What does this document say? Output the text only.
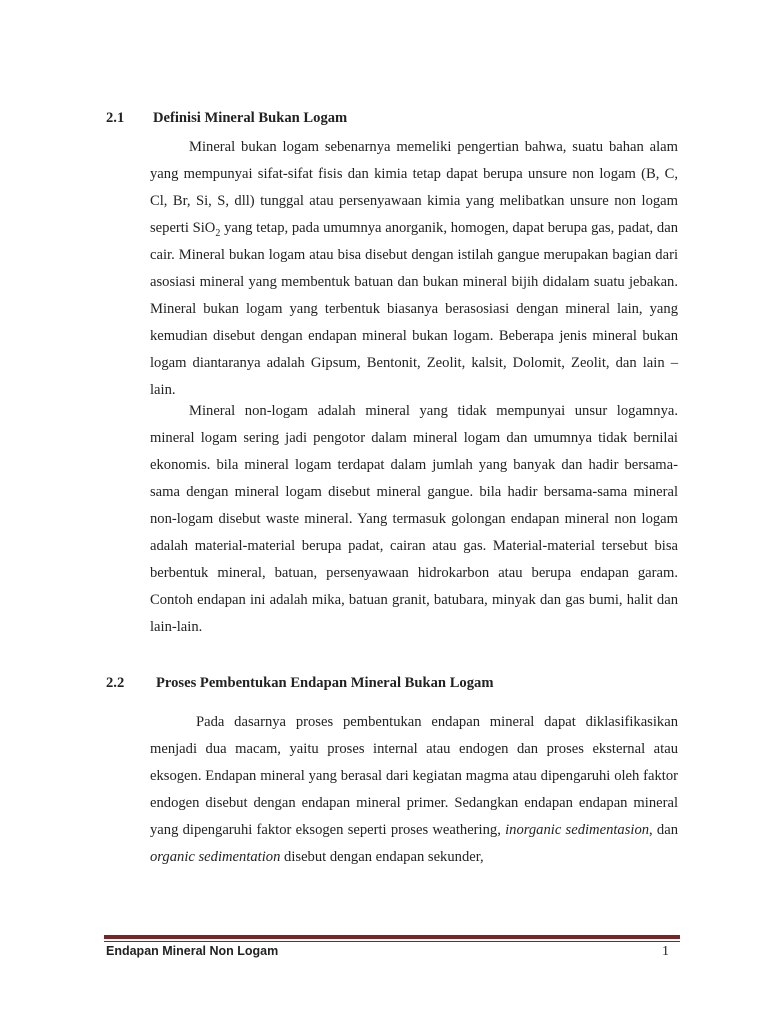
2.1 Definisi Mineral Bukan Logam

Mineral bukan logam sebenarnya memeliki pengertian bahwa, suatu bahan alam yang mempunyai sifat-sifat fisis dan kimia tetap dapat berupa unsure non logam (B, C, Cl, Br, Si, S, dll) tunggal atau persenyawaan kimia yang melibatkan unsure non logam seperti SiO$_2$ yang tetap, pada umumnya anorganik, homogen, dapat berupa gas, padat, dan cair. Mineral bukan logam atau bisa disebut dengan istilah gangue merupakan bagian dari asosiasi mineral yang membentuk batuan dan bukan mineral bijih didalam suatu jebakan. Mineral bukan logam yang terbentuk biasanya berasosiasi dengan mineral lain, yang kemudian disebut dengan endapan mineral bukan logam. Beberapa jenis mineral bukan logam diantaranya adalah Gipsum, Bentonit, Zeolit, kalsit, Dolomit, Zeolit, dan lain – lain.

Mineral non-logam adalah mineral yang tidak mempunyai unsur logamnya. mineral logam sering jadi pengotor dalam mineral logam dan umumnya tidak bernilai ekonomis. bila mineral logam terdapat dalam jumlah yang banyak dan hadir bersama-sama dengan mineral logam disebut mineral gangue. bila hadir bersama-sama mineral non-logam disebut waste mineral. Yang termasuk golongan endapan mineral non logam adalah material-material berupa padat, cairan atau gas. Material-material tersebut bisa berbentuk mineral, batuan, persenyawaan hidrokarbon atau berupa endapan garam. Contoh endapan ini adalah mika, batuan granit, batubara, minyak dan gas bumi, halit dan lain-lain.

2.2 Proses Pembentukan Endapan Mineral Bukan Logam

Pada dasarnya proses pembentukan endapan mineral dapat diklasifikasikan menjadi dua macam, yaitu proses internal atau endogen dan proses eksternal atau eksogen. Endapan mineral yang berasal dari kegiatan magma atau dipengaruhi oleh faktor endogen disebut dengan endapan mineral primer. Sedangkan endapan endapan mineral yang dipengaruhi faktor eksogen seperti proses weathering, inorganic sedimentasion, dan organic sedimentation disebut dengan endapan sekunder,

Endapan Mineral Non Logam	1
